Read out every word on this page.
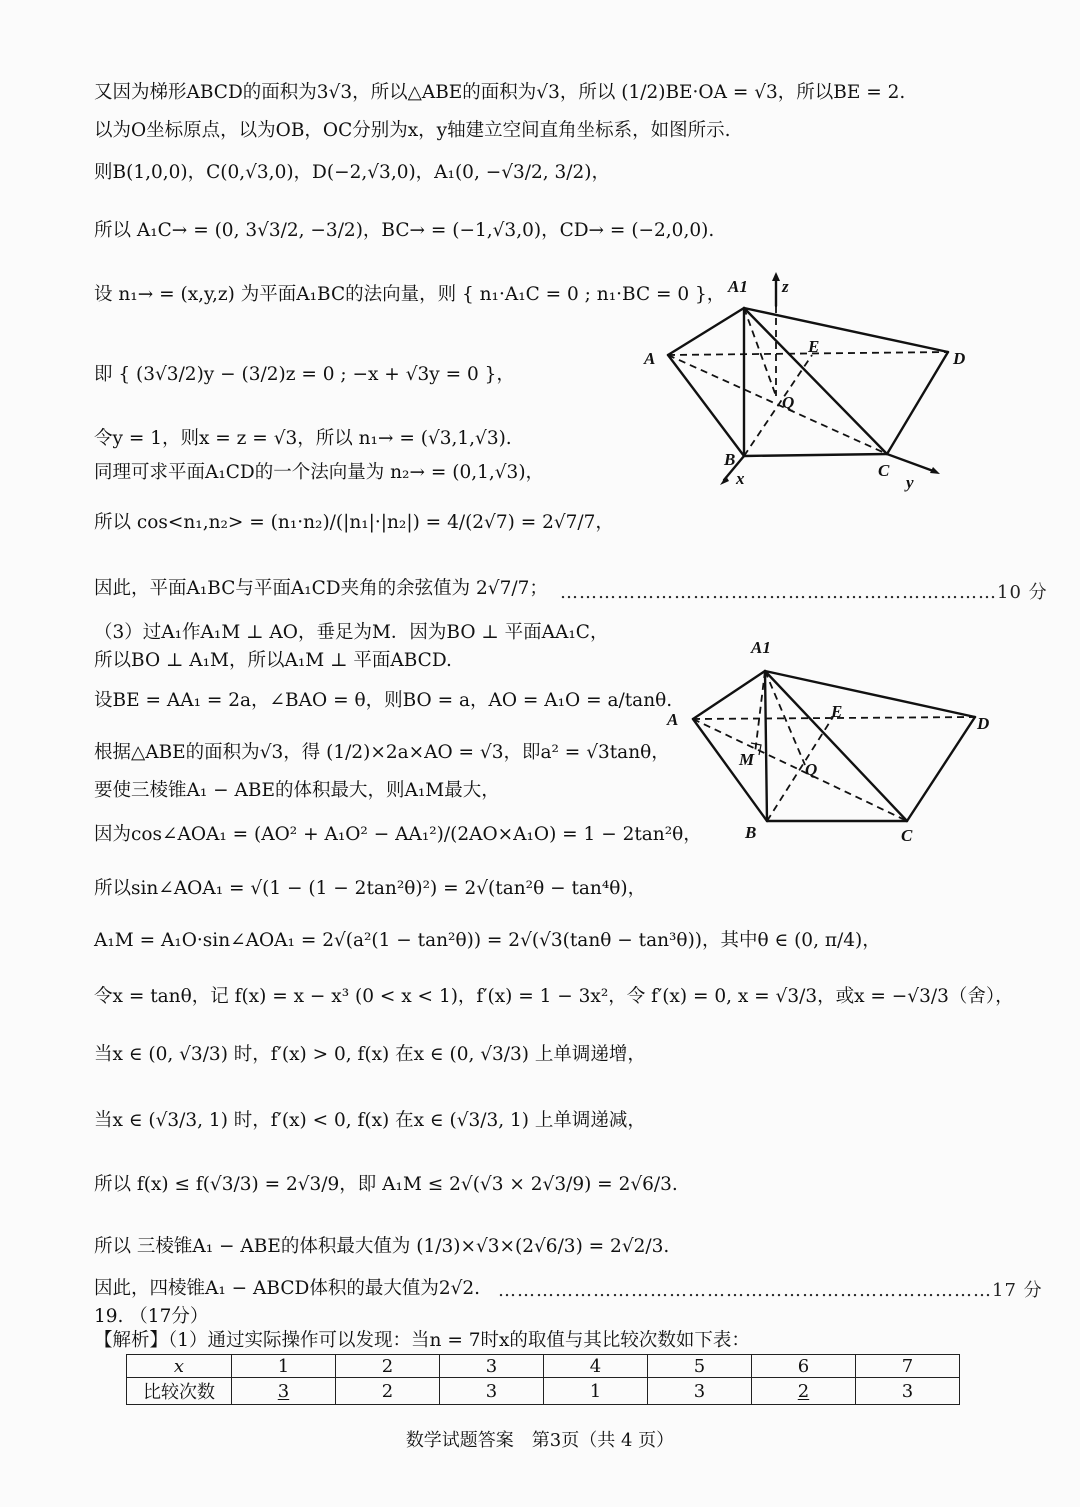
又因为梯形ABCD的面积为3√3，所以△ABE的面积为√3，所以 (1/2)BE·OA = √3，所以BE = 2.
以为O坐标原点，以为OB，OC分别为x，y轴建立空间直角坐标系，如图所示.
则B(1,0,0)，C(0,√3,0)，D(−2,√3,0)，A₁(0, −√3/2, 3/2)，
所以 A₁C→ = (0, 3√3/2, −3/2)，BC→ = (−1,√3,0)，CD→ = (−2,0,0).
设 n₁→ = (x,y,z) 为平面A₁BC的法向量，则 { n₁·A₁C = 0 ; n₁·BC = 0 }，
即 { (3√3/2)y − (3/2)z = 0 ; −x + √3y = 0 }，
令y = 1，则x = z = √3，所以 n₁→ = (√3,1,√3).
同理可求平面A₁CD的一个法向量为 n₂→ = (0,1,√3)，
所以 cos<n₁,n₂> = (n₁·n₂)/(|n₁|·|n₂|) = 4/(2√7) = 2√7/7，
因此，平面A₁BC与平面A₁CD夹角的余弦值为 2√7/7； ……………………………………………………………10 分
（3）过A₁作A₁M ⊥ AO，垂足为M．因为BO ⊥ 平面AA₁C，
所以BO ⊥ A₁M，所以A₁M ⊥ 平面ABCD.
设BE = AA₁ = 2a，∠BAO = θ，则BO = a，AO = A₁O = a/tanθ.
根据△ABE的面积为√3，得 (1/2)×2a×AO = √3，即a² = √3tanθ，
要使三棱锥A₁ − ABE的体积最大，则A₁M最大，
因为cos∠AOA₁ = (AO² + A₁O² − AA₁²)/(2AO×A₁O) = 1 − 2tan²θ，
所以sin∠AOA₁ = √(1 − (1 − 2tan²θ)²) = 2√(tan²θ − tan⁴θ)，
A₁M = A₁O·sin∠AOA₁ = 2√(a²(1 − tan²θ)) = 2√(√3(tanθ − tan³θ))，其中θ ∈ (0, π/4)，
令x = tanθ，记 f(x) = x − x³ (0 < x < 1)，f′(x) = 1 − 3x²，令 f′(x) = 0, x = √3/3，或x = −√3/3（舍），
当x ∈ (0, √3/3) 时，f′(x) > 0, f(x) 在x ∈ (0, √3/3) 上单调递增，
当x ∈ (√3/3, 1) 时，f′(x) < 0, f(x) 在x ∈ (√3/3, 1) 上单调递减，
所以 f(x) ≤ f(√3/3) = 2√3/9，即 A₁M ≤ 2√(√3 × 2√3/9) = 2√6/3.
所以 三棱锥A₁ − ABE的体积最大值为 (1/3)×√3×(2√6/3) = 2√2/3.
因此，四棱锥A₁ − ABCD体积的最大值为2√2. ……………………………………………………………………17 分
19. （17分）
【解析】（1）通过实际操作可以发现：当n = 7时x的取值与其比较次数如下表：
A1 z
A
E
D
Q
B
x	C
y
A1
A	E
D
M
Q
B	C
x	1	2	3	4	5	6	7
比较次数	3	2	3	1	3	2	3
数学试题答案　第3页（共 4 页）
